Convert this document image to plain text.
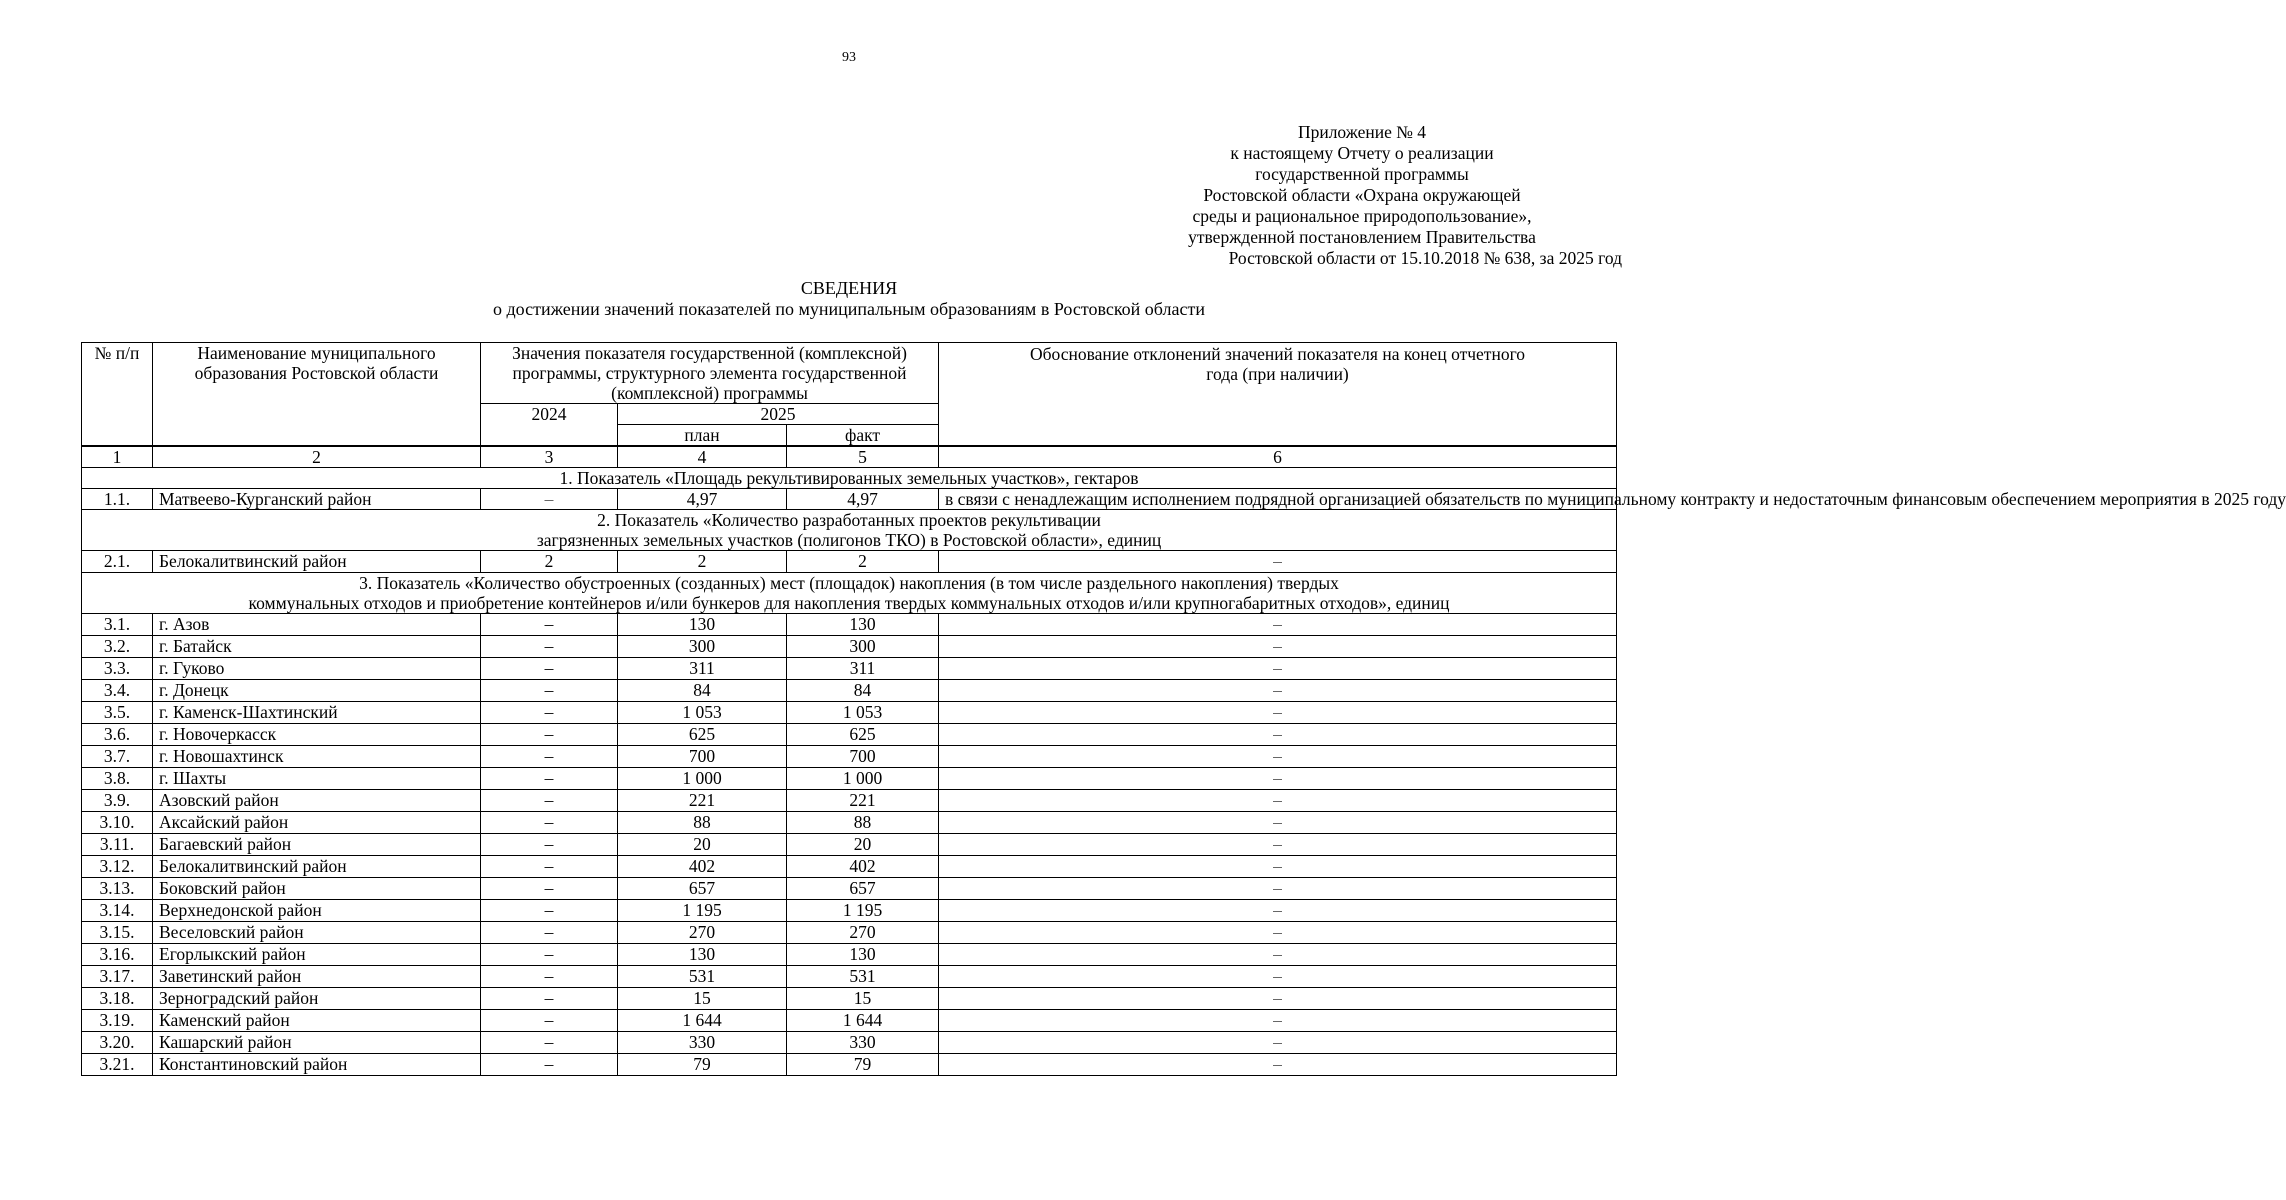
93
Приложение № 4
к настоящему Отчету о реализации
государственной программы
Ростовской области «Охрана окружающей
среды и рациональное природопользование»,
утвержденной постановлением Правительства
Ростовской области от 15.10.2018 № 638, за 2025 год
СВЕДЕНИЯ
о достижении значений показателей по муниципальным образованиям в Ростовской области
№ п/п	Наименование муниципального образования Ростовской области	Значения показателя государственной (комплексной) программы, структурного элемента государственной (комплексной) программы			Обоснование отклонений значений показателя на конец отчетного года (при наличии)
		2024	2025		
			план	факт	
1	2	3	4	5	6
1. Показатель «Площадь рекультивированных земельных участков», гектаров					
1.1.	Матвеево-Курганский район	–	4,97	4,97	в связи с ненадлежащим исполнением подрядной организацией обязательств по муниципальному контракту и недостаточным финансовым обеспечением мероприятия в 2025 году

2. Показатель «Количество разработанных проектов рекультивации
загрязненных земельных участков (полигонов ТКО) в Ростовской области», единиц					

2.1.	Белокалитвинский район	2	2	2	–

3. Показатель «Количество обустроенных (созданных) мест (площадок) накопления (в том числе раздельного накопления) твердых
коммунальных отходов и приобретение контейнеров и/или бункеров для накопления твердых коммунальных отходов и/или крупногабаритных отходов», единиц					

3.1.	г. Азов	–	130	130	–
3.2.	г. Батайск	–	300	300	–
3.3.	г. Гуково	–	311	311	–
3.4.	г. Донецк	–	84	84	–
3.5.	г. Каменск-Шахтинский	–	1 053	1 053	–
3.6.	г. Новочеркасск	–	625	625	–
3.7.	г. Новошахтинск	–	700	700	–
3.8.	г. Шахты	–	1 000	1 000	–
3.9.	Азовский район	–	221	221	–
3.10.	Аксайский район	–	88	88	–
3.11.	Багаевский район	–	20	20	–
3.12.	Белокалитвинский район	–	402	402	–
3.13.	Боковский район	–	657	657	–
3.14.	Верхнедонской район	–	1 195	1 195	–
3.15.	Веселовский район	–	270	270	–
3.16.	Егорлыкский район	–	130	130	–
3.17.	Заветинский район	–	531	531	–
3.18.	Зерноградский район	–	15	15	–
3.19.	Каменский район	–	1 644	1 644	–
3.20.	Кашарский район	–	330	330	–
3.21.	Константиновский район	–	79	79	–
